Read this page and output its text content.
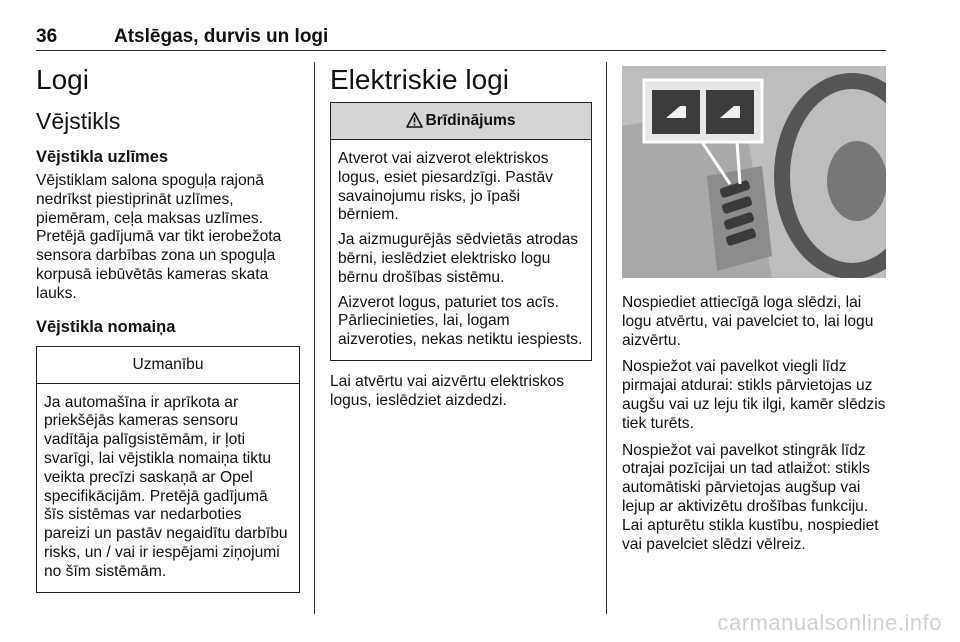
36	Atslēgas, durvis un logi
Logi
Vējstikls
Vējstikla uzlīmes

Vējstiklam salona spoguļa rajonā nedrīkst piestiprināt uzlīmes, piemēram, ceļa maksas uzlīmes. Pretējā gadījumā var tikt ierobežota sensora darbības zona un spoguļa korpusā iebūvētās kameras skata lauks.

Vējstikla nomaiņa
Uzmanību

Ja automašīna ir aprīkota ar priekšējās kameras sensoru vadītāja palīgsistēmām, ir ļoti svarīgi, lai vējstikla nomaiņa tiktu veikta precīzi saskaņā ar Opel specifikācijām. Pretējā gadījumā šīs sistēmas var nedarboties pareizi un pastāv negaidītu darbību risks, un / vai ir iespējami ziņojumi no šīm sistēmām.

Elektriskie logi
Brīdinājums

Atverot vai aizverot elektriskos logus, esiet piesardzīgi. Pastāv savainojumu risks, jo īpaši bērniem.

Ja aizmugurējās sēdvietās atrodas bērni, ieslēdziet elektrisko logu bērnu drošības sistēmu.

Aizverot logus, paturiet tos acīs. Pārliecinieties, lai, logam aizveroties, nekas netiktu iespiests.

Lai atvērtu vai aizvērtu elektriskos logus, ieslēdziet aizdedzi.

Nospiediet attiecīgā loga slēdzi, lai logu atvērtu, vai pavelciet to, lai logu aizvērtu.

Nospiežot vai pavelkot viegli līdz pirmajai atdurai: stikls pārvietojas uz augšu vai uz leju tik ilgi, kamēr slēdzis tiek turēts.

Nospiežot vai pavelkot stingrāk līdz otrajai pozīcijai un tad atlaižot: stikls automātiski pārvietojas augšup vai lejup ar aktivizētu drošības funkciju. Lai apturētu stikla kustību, nospiediet vai pavelciet slēdzi vēlreiz.

carmanualsonline.info
